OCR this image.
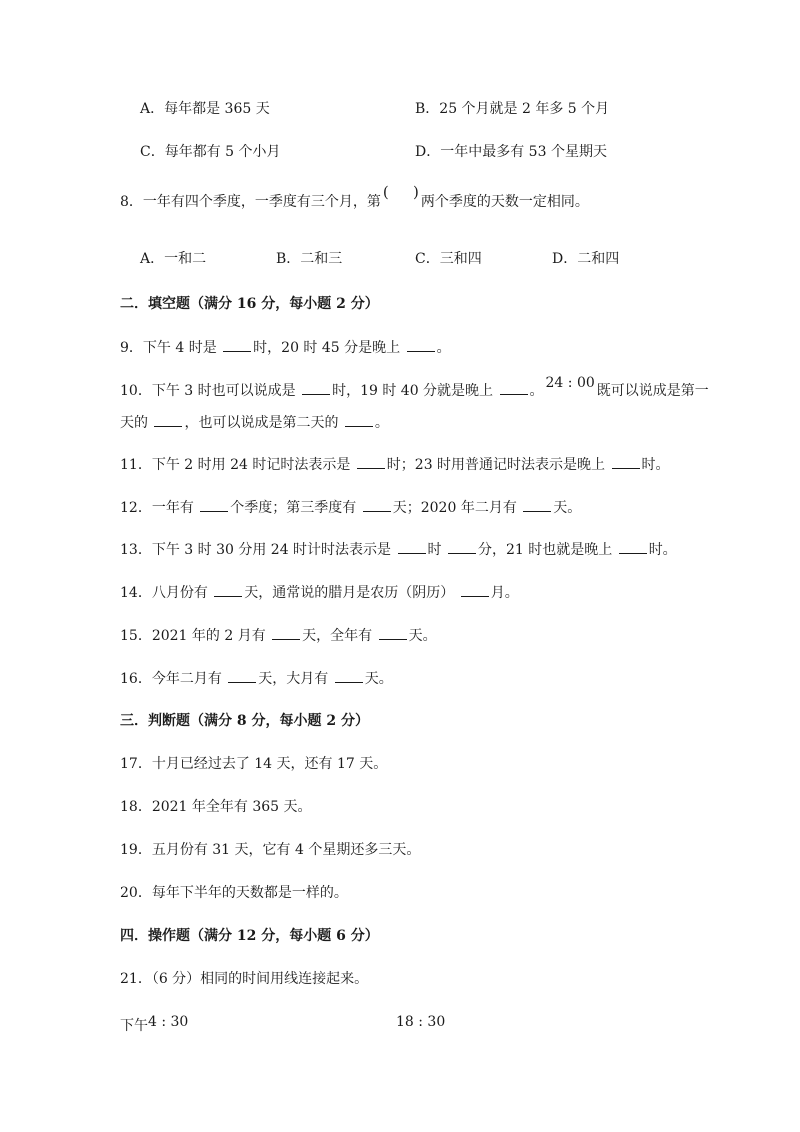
A．每年都是 365 天	B．25 个月就是 2 年多 5 个月
C．每年都有 5 个小月	D．一年中最多有 53 个星期天
8．一年有四个季度，一季度有三个月，第
( )
两个季度的天数一定相同。
A．一和二	B．二和三	C．三和四	D．二和四
二．填空题（满分 16 分，每小题 2 分）
9．下午 4 时是	时，20 时 45 分是晚上	。
10．下午 3 时也可以说成是	时，19 时 40 分就是晚上	。 24 : 00 既可以说成是第一
天的	，也可以说成是第二天的	。
11．下午 2 时用 24 时记时法表示是	时；23 时用普通记时法表示是晚上	时。
12．一年有	个季度；第三季度有	天；2020 年二月有	天。
13．下午 3 时 30 分用 24 时计时法表示是	时	分，21 时也就是晚上	时。
14．八月份有	天，通常说的腊月是农历（阴历）	月。
15．2021 年的 2 月有	天，全年有	天。
16．今年二月有	天，大月有	天。
三．判断题（满分 8 分，每小题 2 分）
17．十月已经过去了 14 天，还有 17 天。
18．2021 年全年有 365 天。
19．五月份有 31 天，它有 4 个星期还多三天。
20．每年下半年的天数都是一样的。
四．操作题（满分 12 分，每小题 6 分）
21．（6 分）相同的时间用线连接起来。
下午4 : 30	18 : 30
